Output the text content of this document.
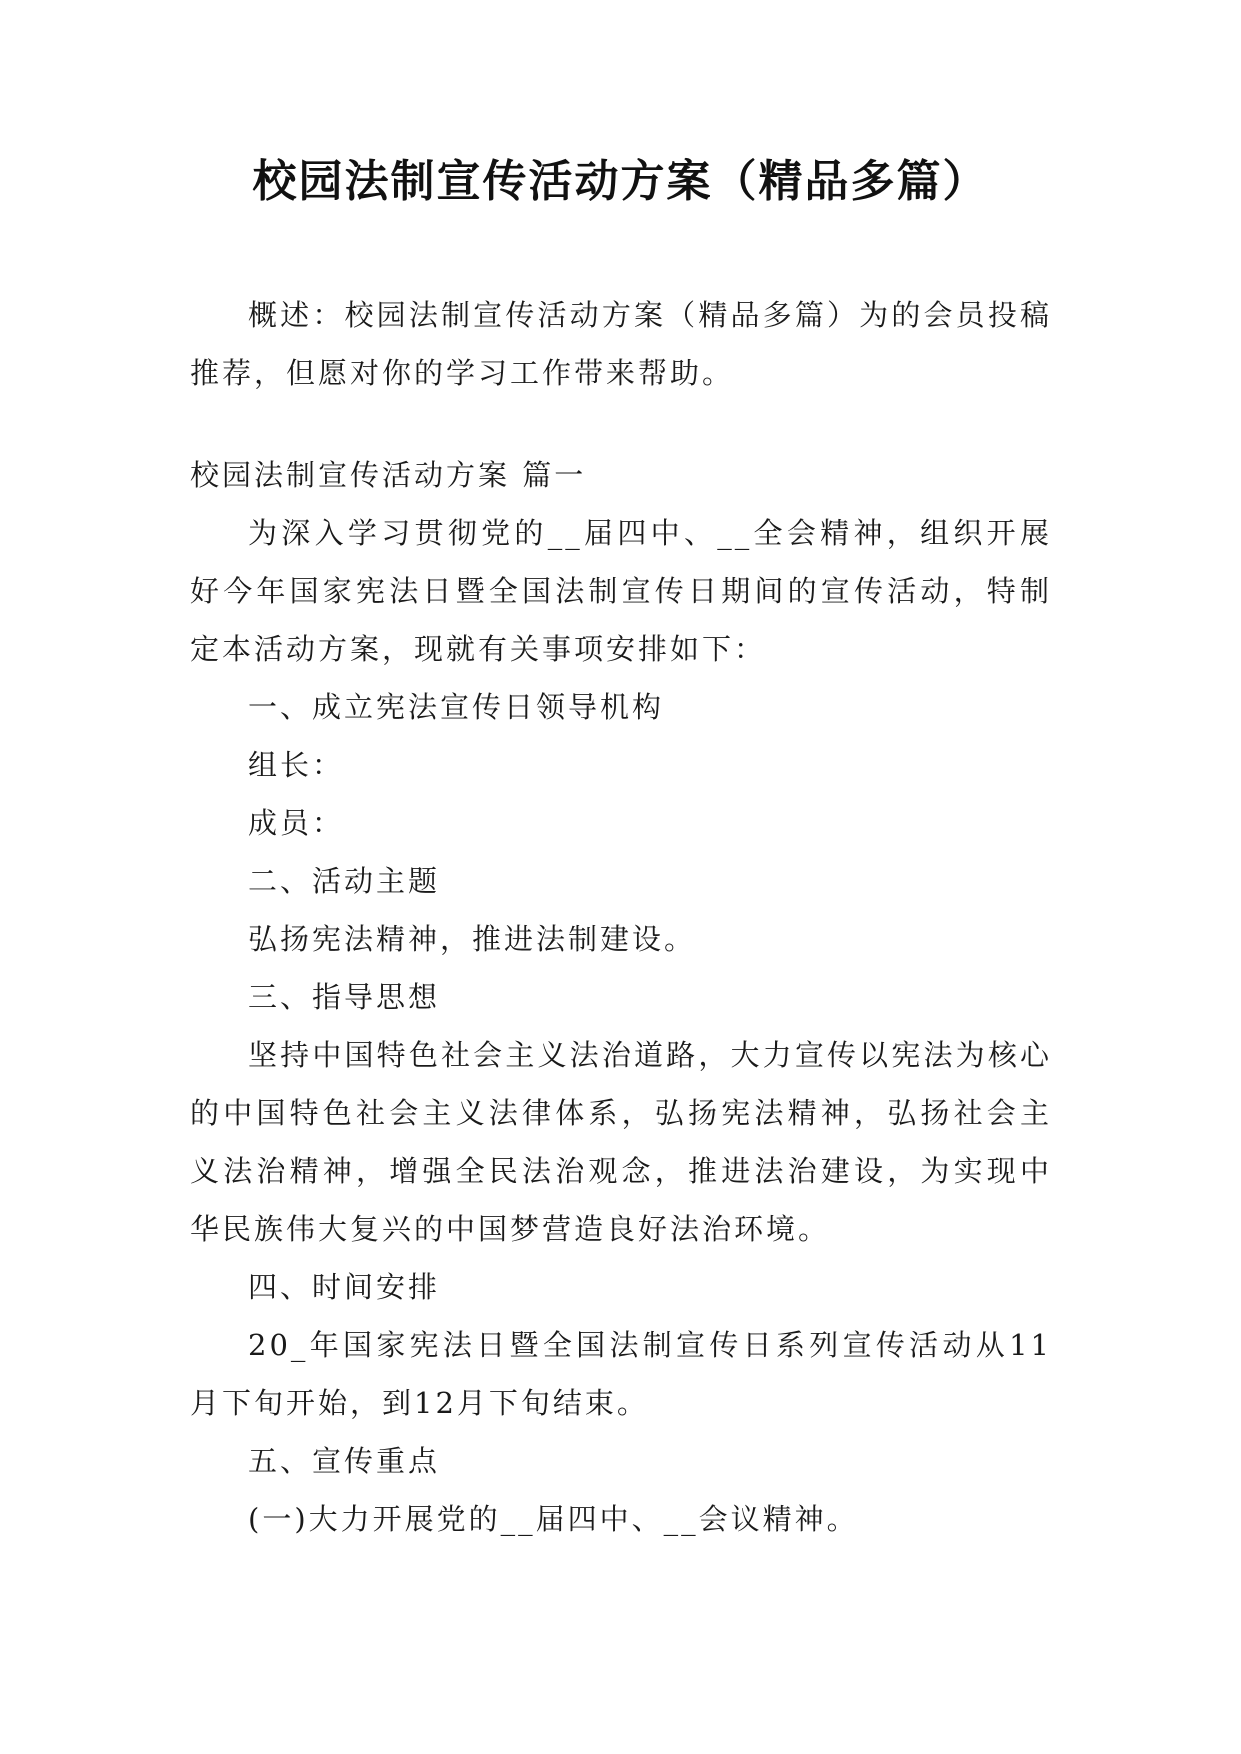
校园法制宣传活动方案（精品多篇）

概述：校园法制宣传活动方案（精品多篇）为的会员投稿推荐，但愿对你的学习工作带来帮助。

校园法制宣传活动方案 篇一

为深入学习贯彻党的__届四中、__全会精神，组织开展好今年国家宪法日暨全国法制宣传日期间的宣传活动，特制定本活动方案，现就有关事项安排如下：

一、成立宪法宣传日领导机构

组长：

成员：

二、活动主题

弘扬宪法精神，推进法制建设。

三、指导思想

坚持中国特色社会主义法治道路，大力宣传以宪法为核心的中国特色社会主义法律体系，弘扬宪法精神，弘扬社会主义法治精神，增强全民法治观念，推进法治建设，为实现中华民族伟大复兴的中国梦营造良好法治环境。

四、时间安排

20_年国家宪法日暨全国法制宣传日系列宣传活动从11月下旬开始，到12月下旬结束。

五、宣传重点

(一)大力开展党的__届四中、__会议精神。
